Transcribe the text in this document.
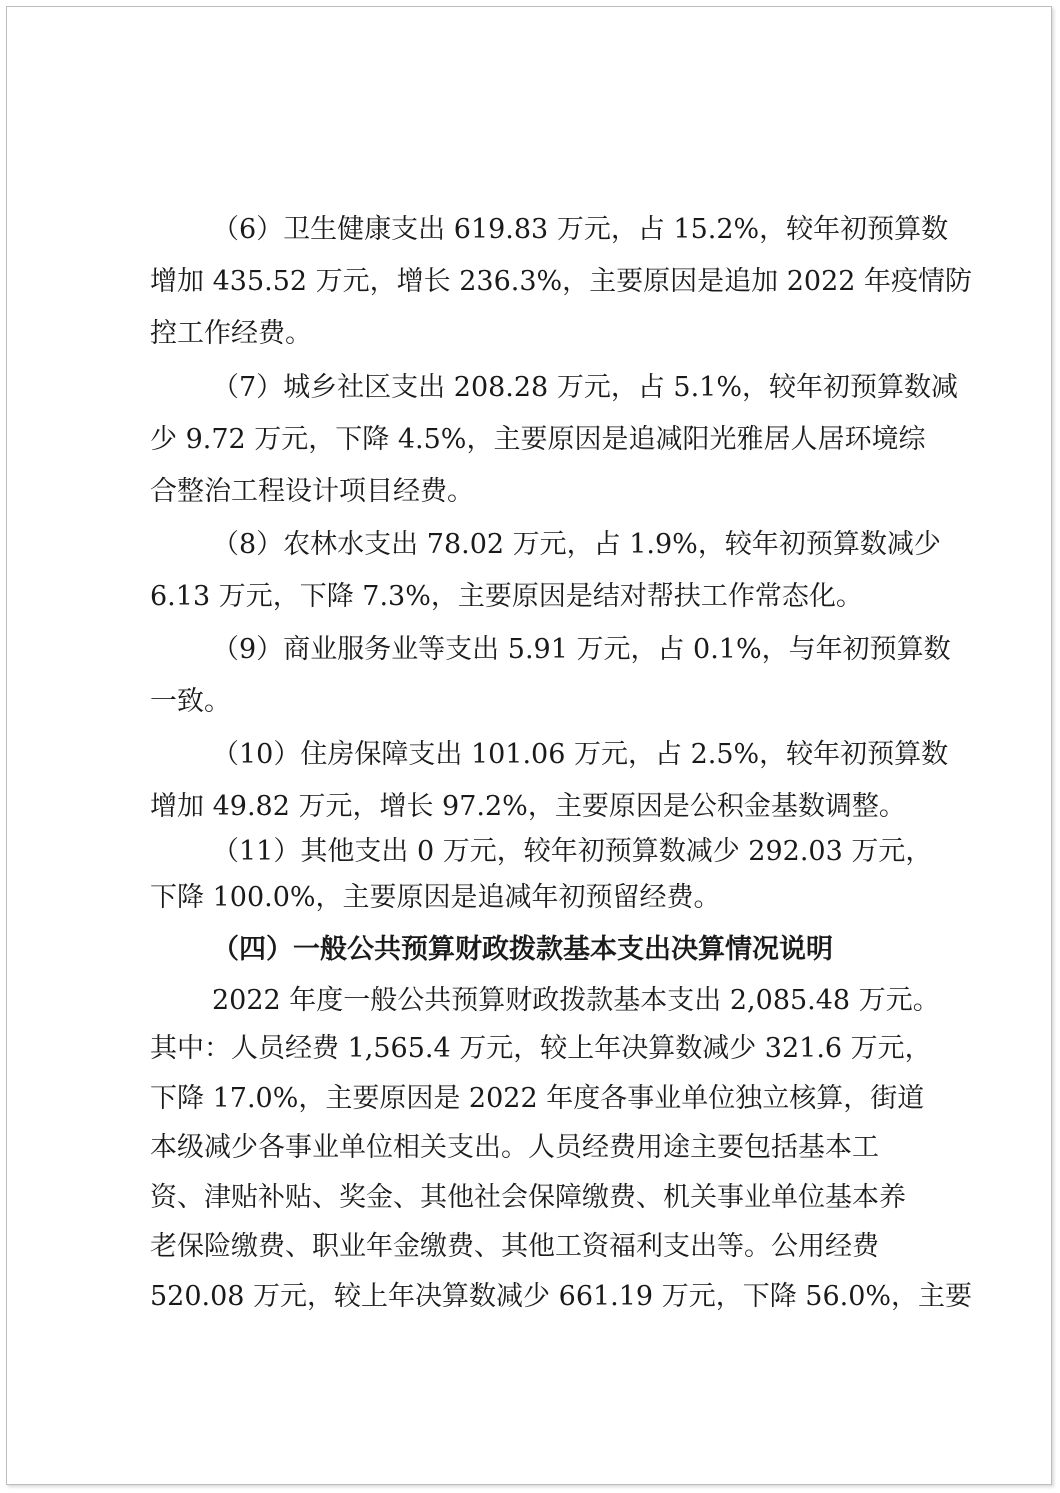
（6）卫生健康支出 619.83 万元，占 15.2%，较年初预算数

增加 435.52 万元，增长 236.3%，主要原因是追加 2022 年疫情防

控工作经费。

（7）城乡社区支出 208.28 万元，占 5.1%，较年初预算数减

少 9.72 万元，下降 4.5%，主要原因是追减阳光雅居人居环境综

合整治工程设计项目经费。

（8）农林水支出 78.02 万元，占 1.9%，较年初预算数减少

6.13 万元，下降 7.3%，主要原因是结对帮扶工作常态化。

（9）商业服务业等支出 5.91 万元，占 0.1%，与年初预算数

一致。

（10）住房保障支出 101.06 万元，占 2.5%，较年初预算数

增加 49.82 万元，增长 97.2%，主要原因是公积金基数调整。

（11）其他支出 0 万元，较年初预算数减少 292.03 万元，

下降 100.0%，主要原因是追减年初预留经费。

（四）一般公共预算财政拨款基本支出决算情况说明

2022 年度一般公共预算财政拨款基本支出 2,085.48 万元。

其中：人员经费 1,565.4 万元，较上年决算数减少 321.6 万元，

下降 17.0%，主要原因是 2022 年度各事业单位独立核算，街道

本级减少各事业单位相关支出。人员经费用途主要包括基本工

资、津贴补贴、奖金、其他社会保障缴费、机关事业单位基本养

老保险缴费、职业年金缴费、其他工资福利支出等。公用经费

520.08 万元，较上年决算数减少 661.19 万元，下降 56.0%，主要
